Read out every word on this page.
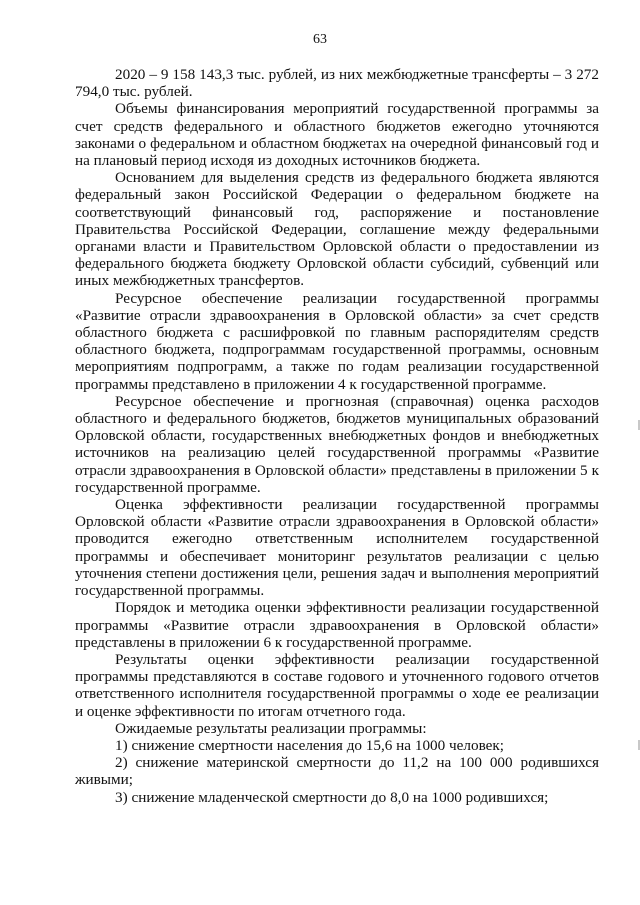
63

2020 – 9 158 143,3 тыс. рублей, из них межбюджетные трансферты – 3 272 794,0 тыс. рублей.

Объемы финансирования мероприятий государственной программы за счет средств федерального и областного бюджетов ежегодно уточняются законами о федеральном и областном бюджетах на очередной финансовый год и на плановый период исходя из доходных источников бюджета.

Основанием для выделения средств из федерального бюджета являются федеральный закон Российской Федерации о федеральном бюджете на соответствующий финансовый год, распоряжение и постановление Правительства Российской Федерации, соглашение между федеральными органами власти и Правительством Орловской области о предоставлении из федерального бюджета бюджету Орловской области субсидий, субвенций или иных межбюджетных трансфертов.

Ресурсное обеспечение реализации государственной программы «Развитие отрасли здравоохранения в Орловской области» за счет средств областного бюджета с расшифровкой по главным распорядителям средств областного бюджета, подпрограммам государственной программы, основным мероприятиям подпрограмм, а также по годам реализации государственной программы представлено в приложении 4 к государственной программе.

Ресурсное обеспечение и прогнозная (справочная) оценка расходов областного и федерального бюджетов, бюджетов муниципальных образований Орловской области, государственных внебюджетных фондов и внебюджетных источников на реализацию целей государственной программы «Развитие отрасли здравоохранения в Орловской области» представлены в приложении 5 к государственной программе.

Оценка эффективности реализации государственной программы Орловской области «Развитие отрасли здравоохранения в Орловской области» проводится ежегодно ответственным исполнителем государственной программы и обеспечивает мониторинг результатов реализации с целью уточнения степени достижения цели, решения задач и выполнения мероприятий государственной программы.

Порядок и методика оценки эффективности реализации государственной программы «Развитие отрасли здравоохранения в Орловской области» представлены в приложении 6 к государственной программе.

Результаты оценки эффективности реализации государственной программы представляются в составе годового и уточненного годового отчетов ответственного исполнителя государственной программы о ходе ее реализации и оценке эффективности по итогам отчетного года.

Ожидаемые результаты реализации программы:

1) снижение смертности населения до 15,6 на 1000 человек;

2) снижение материнской смертности до 11,2 на 100 000 родившихся живыми;

3) снижение младенческой смертности до 8,0 на 1000 родившихся;
